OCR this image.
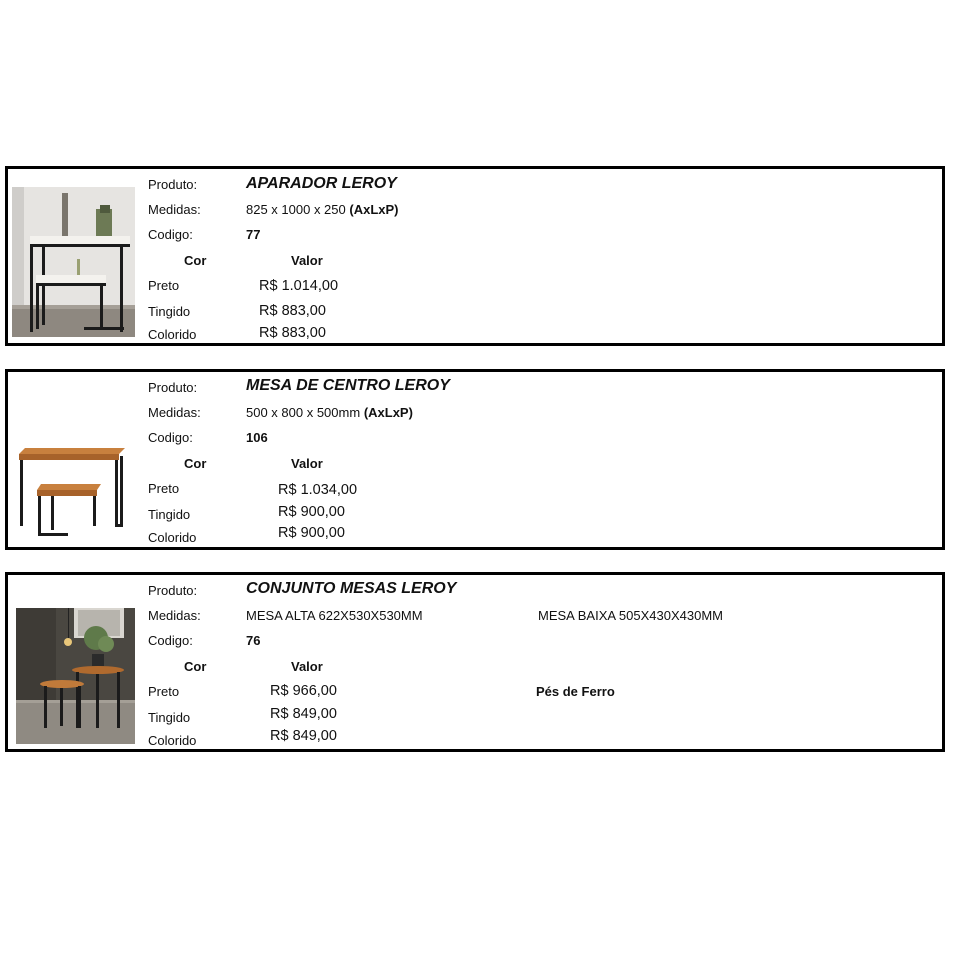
Produto:	APARADOR LEROY
Medidas:	825 x 1000 x 250 (AxLxP)
Codigo:	77
Cor	Valor
Preto	R$ 1.014,00
Tingido	R$ 883,00
Colorido	R$ 883,00
Produto:	MESA DE CENTRO LEROY
Medidas:	500 x 800 x 500mm (AxLxP)
Codigo:	106
Cor	Valor
Preto	R$ 1.034,00
Tingido	R$ 900,00
Colorido	R$ 900,00
Produto:	CONJUNTO MESAS LEROY
Medidas:	MESA ALTA 622X530X530MM	MESA BAIXA 505X430X430MM
Codigo:	76
Cor	Valor
Preto	R$ 966,00	Pés de Ferro
Tingido	R$ 849,00
Colorido	R$ 849,00
